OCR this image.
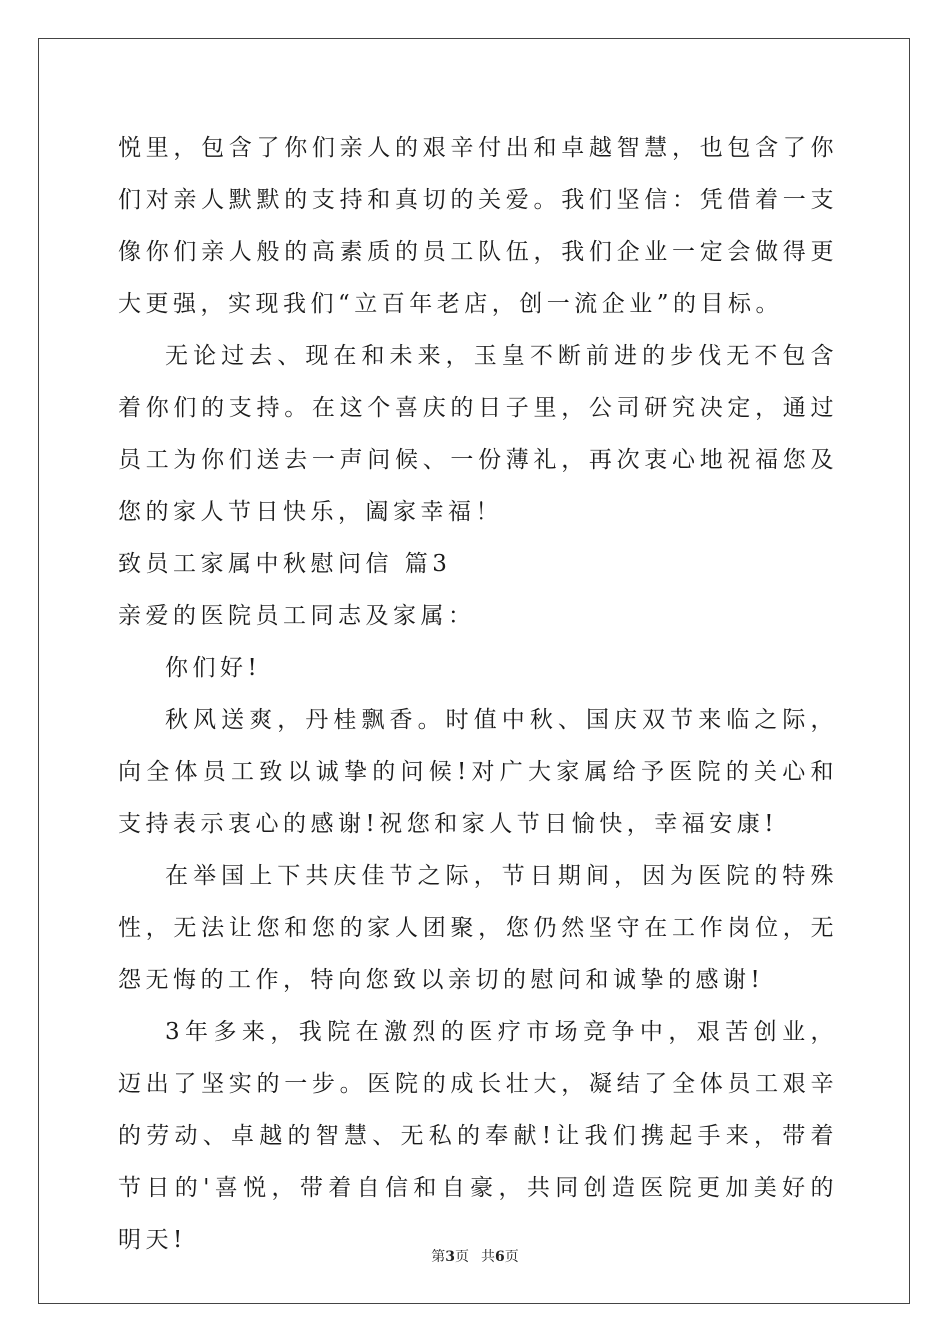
悦里，包含了你们亲人的艰辛付出和卓越智慧，也包含了你们对亲人默默的支持和真切的关爱。我们坚信：凭借着一支像你们亲人般的高素质的员工队伍，我们企业一定会做得更大更强，实现我们“立百年老店，创一流企业”的目标。

无论过去、现在和未来，玉皇不断前进的步伐无不包含着你们的支持。在这个喜庆的日子里，公司研究决定，通过员工为你们送去一声问候、一份薄礼，再次衷心地祝福您及您的家人节日快乐，阖家幸福！

致员工家属中秋慰问信 篇3

亲爱的医院员工同志及家属：

你们好!

秋风送爽，丹桂飘香。时值中秋、国庆双节来临之际，向全体员工致以诚挚的问候!对广大家属给予医院的关心和支持表示衷心的感谢!祝您和家人节日愉快，幸福安康!

在举国上下共庆佳节之际，节日期间，因为医院的特殊性，无法让您和您的家人团聚，您仍然坚守在工作岗位，无怨无悔的工作，特向您致以亲切的慰问和诚挚的感谢!

3年多来，我院在激烈的医疗市场竞争中，艰苦创业，迈出了坚实的一步。医院的成长壮大，凝结了全体员工艰辛的劳动、卓越的智慧、无私的奉献!让我们携起手来，带着节日的'喜悦，带着自信和自豪，共同创造医院更加美好的明天!

第3页 共6页
